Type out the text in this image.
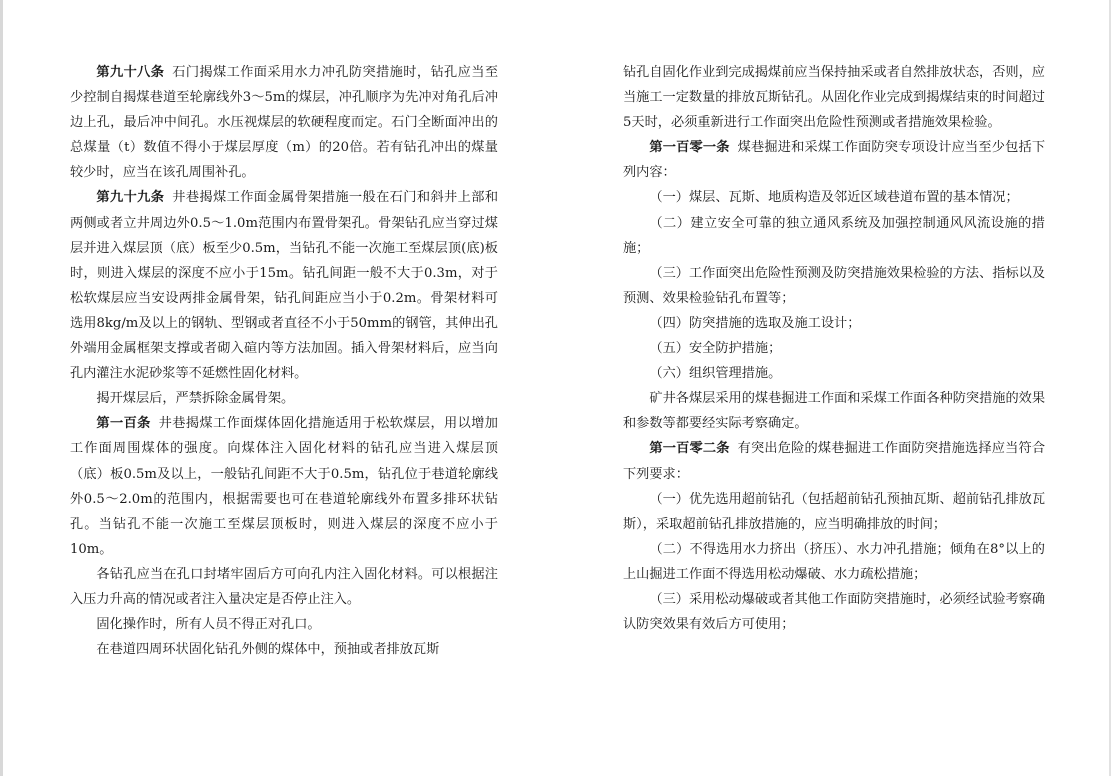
第九十八条 石门揭煤工作面采用水力冲孔防突措施时，钻孔应当至少控制自揭煤巷道至轮廓线外3～5m的煤层，冲孔顺序为先冲对角孔后冲边上孔，最后冲中间孔。水压视煤层的软硬程度而定。石门全断面冲出的总煤量（t）数值不得小于煤层厚度（m）的20倍。若有钻孔冲出的煤量较少时，应当在该孔周围补孔。

第九十九条 井巷揭煤工作面金属骨架措施一般在石门和斜井上部和两侧或者立井周边外0.5～1.0m范围内布置骨架孔。骨架钻孔应当穿过煤层并进入煤层顶（底）板至少0.5m，当钻孔不能一次施工至煤层顶(底)板时，则进入煤层的深度不应小于15m。钻孔间距一般不大于0.3m，对于松软煤层应当安设两排金属骨架，钻孔间距应当小于0.2m。骨架材料可选用8kg/m及以上的钢轨、型钢或者直径不小于50mm的钢管，其伸出孔外端用金属框架支撑或者砌入碹内等方法加固。插入骨架材料后，应当向孔内灌注水泥砂浆等不延燃性固化材料。

揭开煤层后，严禁拆除金属骨架。

第一百条 井巷揭煤工作面煤体固化措施适用于松软煤层，用以增加工作面周围煤体的强度。向煤体注入固化材料的钻孔应当进入煤层顶（底）板0.5m及以上，一般钻孔间距不大于0.5m，钻孔位于巷道轮廓线外0.5～2.0m的范围内，根据需要也可在巷道轮廓线外布置多排环状钻孔。当钻孔不能一次施工至煤层顶板时，则进入煤层的深度不应小于10m。

各钻孔应当在孔口封堵牢固后方可向孔内注入固化材料。可以根据注入压力升高的情况或者注入量决定是否停止注入。

固化操作时，所有人员不得正对孔口。

在巷道四周环状固化钻孔外侧的煤体中，预抽或者排放瓦斯

钻孔自固化作业到完成揭煤前应当保持抽采或者自然排放状态，否则，应当施工一定数量的排放瓦斯钻孔。从固化作业完成到揭煤结束的时间超过5天时，必须重新进行工作面突出危险性预测或者措施效果检验。

第一百零一条 煤巷掘进和采煤工作面防突专项设计应当至少包括下列内容：

（一）煤层、瓦斯、地质构造及邻近区域巷道布置的基本情况；

（二）建立安全可靠的独立通风系统及加强控制通风风流设施的措施；

（三）工作面突出危险性预测及防突措施效果检验的方法、指标以及预测、效果检验钻孔布置等；

（四）防突措施的选取及施工设计；

（五）安全防护措施；

（六）组织管理措施。

矿井各煤层采用的煤巷掘进工作面和采煤工作面各种防突措施的效果和参数等都要经实际考察确定。

第一百零二条 有突出危险的煤巷掘进工作面防突措施选择应当符合下列要求：

（一）优先选用超前钻孔（包括超前钻孔预抽瓦斯、超前钻孔排放瓦斯），采取超前钻孔排放措施的，应当明确排放的时间；

（二）不得选用水力挤出（挤压）、水力冲孔措施；倾角在8°以上的上山掘进工作面不得选用松动爆破、水力疏松措施；

（三）采用松动爆破或者其他工作面防突措施时，必须经试验考察确认防突效果有效后方可使用；
